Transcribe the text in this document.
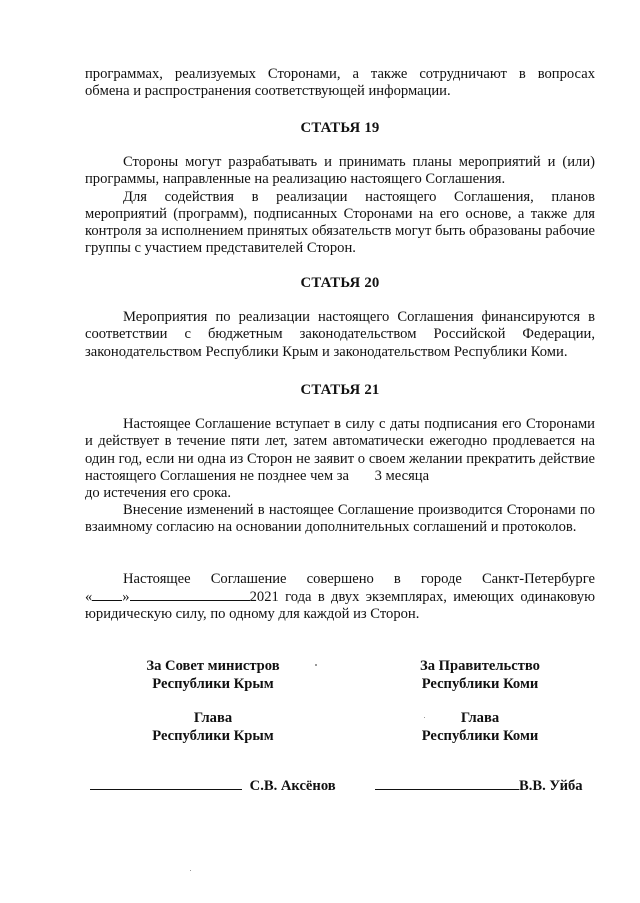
программах, реализуемых Сторонами, а также сотрудничают в вопросах

обмена и распространения соответствующей информации.

СТАТЬЯ 19

Стороны могут разрабатывать и принимать планы мероприятий и (или) программы, направленные на реализацию настоящего Соглашения.

Для содействия в реализации настоящего Соглашения, планов мероприятий (программ), подписанных Сторонами на его основе, а также для контроля за исполнением принятых обязательств могут быть образованы рабочие группы с участием представителей Сторон.

СТАТЬЯ 20

Мероприятия по реализации настоящего Соглашения финансируются в соответствии с бюджетным законодательством Российской Федерации, законодательством Республики Крым и законодательством Республики Коми.

СТАТЬЯ 21

Настоящее Соглашение вступает в силу с даты подписания его Сторонами и действует в течение пяти лет, затем автоматически ежегодно продлевается на один год, если ни одна из Сторон не заявит о своем желании прекратить действие настоящего Соглашения не позднее чем за 3 месяца
до истечения его срока.

Внесение изменений в настоящее Соглашение производится Сторонами по взаимному согласию на основании дополнительных соглашений и протоколов.

Настоящее Соглашение совершено в городе Санкт-Петербурге

« »	2021 года в двух экземплярах, имеющих одинаковую

юридическую силу, по одному для каждой из Сторон.

За Совет министров
Республики Крым
Глава
Республики Крым
За Правительство
Республики Коми
Глава
Республики Коми
С.В. Аксёнов	В.В. Уйба
